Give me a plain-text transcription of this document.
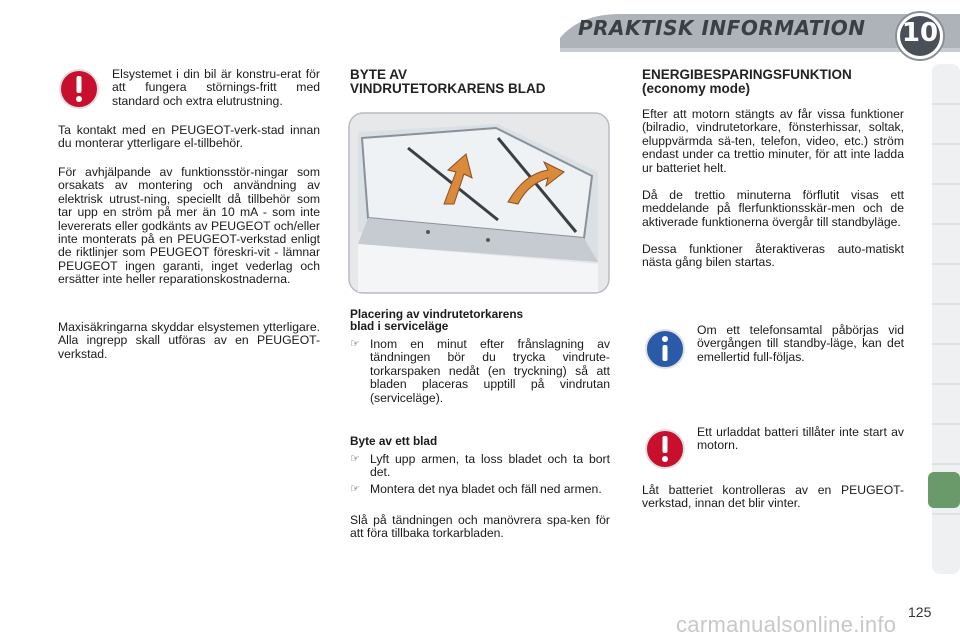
PRAKTISK INFORMATION	10

Elsystemet i din bil är konstru-erat för att fungera störnings-fritt med standard och extra elutrustning.

Ta kontakt med en PEUGEOT-verk-stad innan du monterar ytterligare el-tillbehör.

För avhjälpande av funktionsstör-ningar som orsakats av montering och användning av elektrisk utrust-ning, speciellt då tillbehör som tar upp en ström på mer än 10 mA - som inte levererats eller godkänts av PEUGEOT och/eller inte monterats på en PEUGEOT-verkstad enligt de riktlinjer som PEUGEOT föreskri-vit - lämnar PEUGEOT ingen garanti, inget vederlag och ersätter inte heller reparationskostnaderna.

Maxisäkringarna skyddar elsystemen ytterligare. Alla ingrepp skall utföras av en PEUGEOT-verkstad.

BYTE AV
VINDRUTETORKARENS BLAD
Placering av vindrutetorkarens
blad i serviceläge

☞ Inom en minut efter frånslagning av tändningen bör du trycka vindrute-torkarspaken nedåt (en tryckning) så att bladen placeras upptill på vindrutan (serviceläge).

Byte av ett blad

☞ Lyft upp armen, ta loss bladet och ta bort det.

☞ Montera det nya bladet och fäll ned armen.

Slå på tändningen och manövrera spa-ken för att föra tillbaka torkarbladen.

ENERGIBESPARINGSFUNKTION
(economy mode)

Efter att motorn stängts av får vissa funktioner (bilradio, vindrutetorkare, fönsterhissar, soltak, eluppvärmda sä-ten, telefon, video, etc.) ström endast under ca trettio minuter, för att inte ladda ur batteriet helt.

Då de trettio minuterna förflutit visas ett meddelande på flerfunktionsskär-men och de aktiverade funktionerna övergår till standbyläge.

Dessa funktioner återaktiveras auto-matiskt nästa gång bilen startas.

Om ett telefonsamtal påbörjas vid övergången till standby-läge, kan det emellertid full-följas.

Ett urladdat batteri tillåter inte start av motorn.

Låt batteriet kontrolleras av en PEUGEOT-verkstad, innan det blir vinter.

125
carmanualsonline.info
